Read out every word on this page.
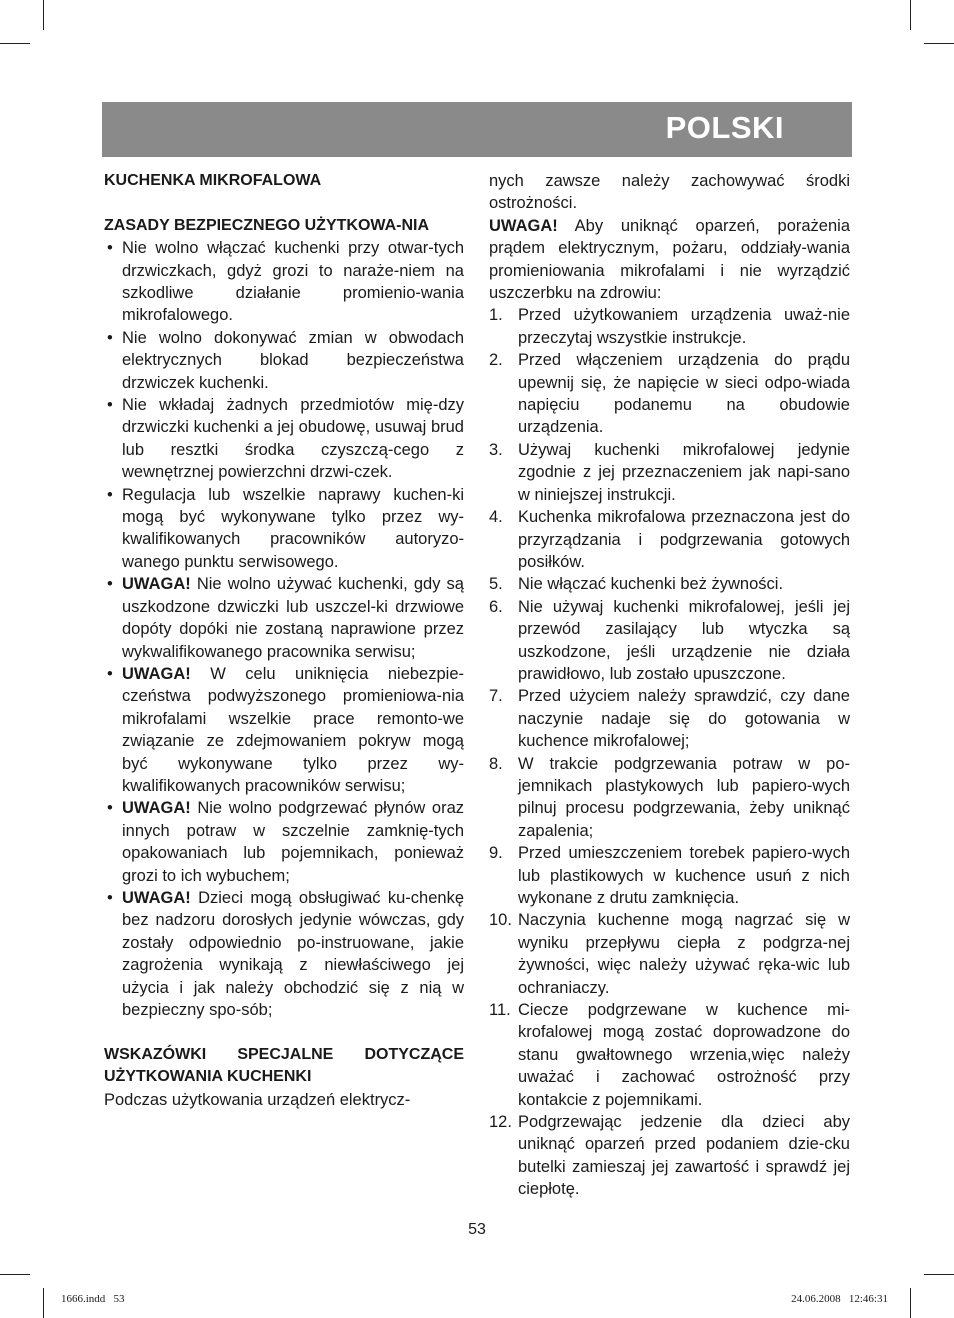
POLSKI
KUCHENKA MIKROFALOWA
ZASADY BEZPIECZNEGO UŻYTKOWA-NIA
• Nie wolno włączać kuchenki przy otwar-tych drzwiczkach, gdyż grozi to naraże-niem na szkodliwe działanie promienio-wania mikrofalowego.
• Nie wolno dokonywać zmian w obwodach elektrycznych blokad bezpieczeństwa drzwiczek kuchenki.
• Nie wkładaj żadnych przedmiotów mię-dzy drzwiczki kuchenki a jej obudowę, usuwaj brud lub resztki środka czyszczą-cego z wewnętrznej powierzchni drzwi-czek.
• Regulacja lub wszelkie naprawy kuchen-ki mogą być wykonywane tylko przez wy-kwalifikowanych pracowników autoryzo-wanego punktu serwisowego.
• UWAGA! Nie wolno używać kuchenki, gdy są uszkodzone dzwiczki lub uszczel-ki drzwiowe dopóty dopóki nie zostaną naprawione przez wykwalifikowanego pracownika serwisu;
• UWAGA! W celu uniknięcia niebezpie-czeństwa podwyższonego promieniowa-nia mikrofalami wszelkie prace remonto-we związanie ze zdejmowaniem pokryw mogą być wykonywane tylko przez wy-kwalifikowanych pracowników serwisu;
• UWAGA! Nie wolno podgrzewać płynów oraz innych potraw w szczelnie zamknię-tych opakowaniach lub pojemnikach, ponieważ grozi to ich wybuchem;
• UWAGA! Dzieci mogą obsługiwać ku-chenkę bez nadzoru dorosłych jedynie wówczas, gdy zostały odpowiednio po-instruowane, jakie zagrożenia wynikają z niewłaściwego jej użycia i jak należy obchodzić się z nią w bezpieczny spo-sób;
WSKAZÓWKI SPECJALNE DOTYCZĄCE UŻYTKOWANIA KUCHENKI

Podczas użytkowania urządzeń elektrycz-

nych zawsze należy zachowywać środki ostrożności.

UWAGA! Aby uniknąć oparzeń, porażenia prądem elektrycznym, pożaru, oddziały-wania promieniowania mikrofalami i nie wyrządzić uszczerbku na zdrowiu:

1. Przed użytkowaniem urządzenia uważ-nie przeczytaj wszystkie instrukcje.
2. Przed włączeniem urządzenia do prądu upewnij się, że napięcie w sieci odpo-wiada napięciu podanemu na obudowie urządzenia.
3. Używaj kuchenki mikrofalowej jedynie zgodnie z jej przeznaczeniem jak napi-sano w niniejszej instrukcji.
4. Kuchenka mikrofalowa przeznaczona jest do przyrządzania i podgrzewania gotowych posiłków.
5. Nie włączać kuchenki beż żywności.
6. Nie używaj kuchenki mikrofalowej, jeśli jej przewód zasilający lub wtyczka są uszkodzone, jeśli urządzenie nie działa prawidłowo, lub zostało upuszczone.
7. Przed użyciem należy sprawdzić, czy dane naczynie nadaje się do gotowania w kuchence mikrofalowej;
8. W trakcie podgrzewania potraw w po-jemnikach plastykowych lub papiero-wych pilnuj procesu podgrzewania, żeby uniknąć zapalenia;
9. Przed umieszczeniem torebek papiero-wych lub plastikowych w kuchence usuń z nich wykonane z drutu zamknięcia.
10. Naczynia kuchenne mogą nagrzać się w wyniku przepływu ciepła z podgrza-nej żywności, więc należy używać ręka-wic lub ochraniaczy.
11. Ciecze podgrzewane w kuchence mi-krofalowej mogą zostać doprowadzone do stanu gwałtownego wrzenia,więc należy uważać i zachować ostrożność przy kontakcie z pojemnikami.
12. Podgrzewając jedzenie dla dzieci aby uniknąć oparzeń przed podaniem dzie-cku butelki zamieszaj jej zawartość i sprawdź jej ciepłotę.
53
1666.indd   53	24.06.2008   12:46:31
